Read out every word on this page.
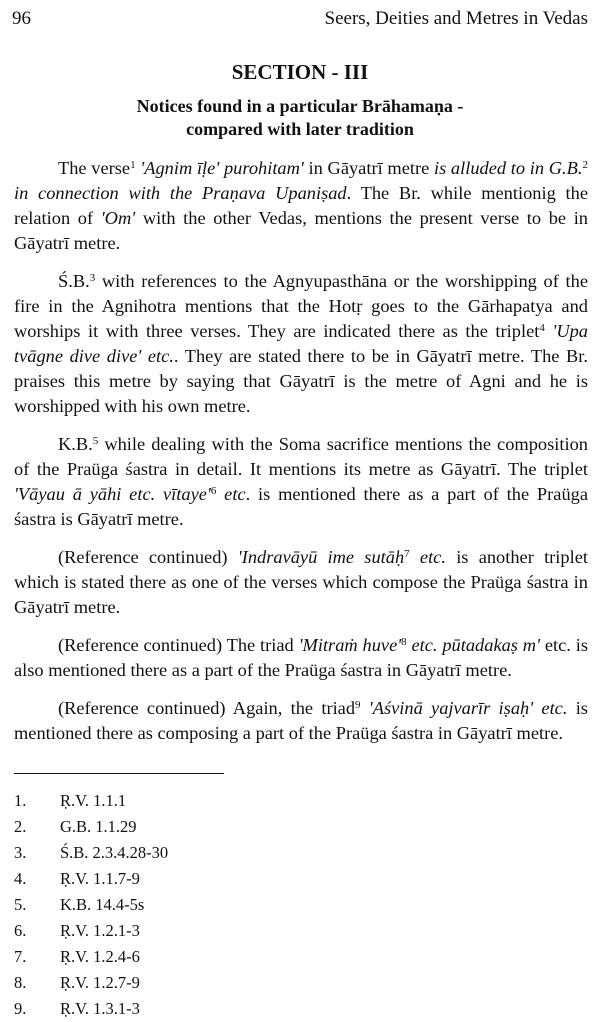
96	Seers, Deities and Metres in Vedas
SECTION - III
Notices found in a particular Brāhamaṇa -
compared with later tradition

The verse$^1$ 'Agnim īḷe' purohitam' in Gāyatrī metre is alluded to in G.B.$^2$ in connection with the Praṇava Upaniṣad. The Br. while mentionig the relation of 'Om' with the other Vedas, mentions the present verse to be in Gāyatrī metre.

Ś.B.$^3$ with references to the Agnyupasthāna or the worshipping of the fire in the Agnihotra mentions that the Hotṛ goes to the Gārhapatya and worships it with three verses. They are indicated there as the triplet$^4$ 'Upa tvāgne dive dive' etc.. They are stated there to be in Gāyatrī metre. The Br. praises this metre by saying that Gāyatrī is the metre of Agni and he is worshipped with his own metre.

K.B.$^5$ while dealing with the Soma sacrifice mentions the composition of the Praüga śastra in detail. It mentions its metre as Gāyatrī. The triplet 'Vāyau ā yāhi etc. $vītaye'^6$ etc. is mentioned there as a part of the Praüga śastra is Gāyatrī metre.

(Reference continued) 'Indravāyū ime sutāḥ$^7$ etc. is another triplet which is stated there as one of the verses which compose the Praüga śastra in Gāyatrī metre.

(Reference continued) The triad 'Mitraṁ $huve'^8$ etc. pūtadakaṣ m' etc. is also mentioned there as a part of the Praüga śastra in Gāyatrī metre.

(Reference continued) Again, the triad$^9$ 'Aśvinā yajvarīr iṣaḥ' etc. is mentioned there as composing a part of the Praüga śastra in Gāyatrī metre.

1.	Ṛ.V. 1.1.1
2.	G.B. 1.1.29
3.	Ś.B. 2.3.4.28-30
4.	Ṛ.V. 1.1.7-9
5.	K.B. 14.4-5s
6.	Ṛ.V. 1.2.1-3
7.	Ṛ.V. 1.2.4-6
8.	Ṛ.V. 1.2.7-9
9.	Ṛ.V. 1.3.1-3
